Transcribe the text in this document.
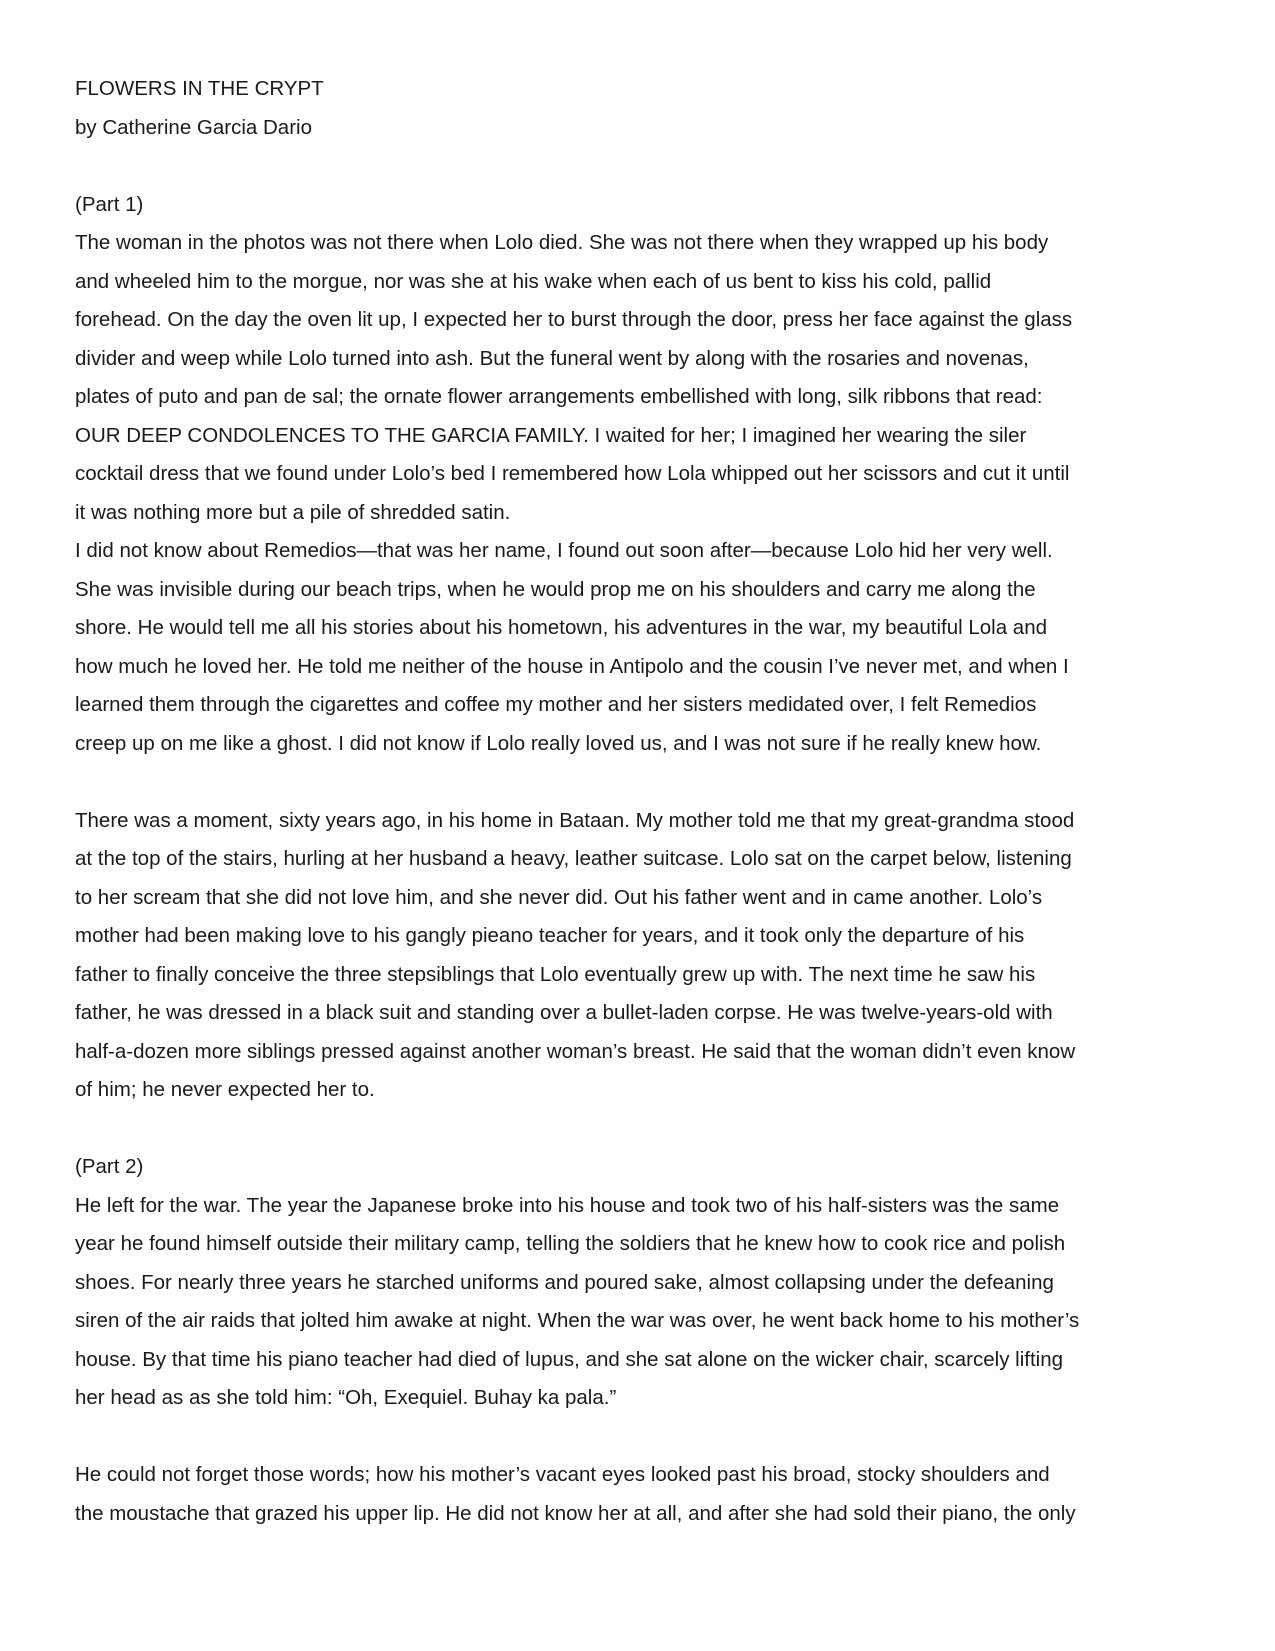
FLOWERS IN THE CRYPT
by Catherine Garcia Dario
(Part 1)
The woman in the photos was not there when Lolo died. She was not there when they wrapped up his body
and wheeled him to the morgue, nor was she at his wake when each of us bent to kiss his cold, pallid
forehead. On the day the oven lit up, I expected her to burst through the door, press her face against the glass
divider and weep while Lolo turned into ash. But the funeral went by along with the rosaries and novenas,
plates of puto and pan de sal; the ornate flower arrangements embellished with long, silk ribbons that read:
OUR DEEP CONDOLENCES TO THE GARCIA FAMILY. I waited for her; I imagined her wearing the siler
cocktail dress that we found under Lolo’s bed I remembered how Lola whipped out her scissors and cut it until
it was nothing more but a pile of shredded satin.
I did not know about Remedios—that was her name, I found out soon after—because Lolo hid her very well.
She was invisible during our beach trips, when he would prop me on his shoulders and carry me along the
shore. He would tell me all his stories about his hometown, his adventures in the war, my beautiful Lola and
how much he loved her. He told me neither of the house in Antipolo and the cousin I’ve never met, and when I
learned them through the cigarettes and coffee my mother and her sisters medidated over, I felt Remedios
creep up on me like a ghost. I did not know if Lolo really loved us, and I was not sure if he really knew how.
There was a moment, sixty years ago, in his home in Bataan. My mother told me that my great-grandma stood
at the top of the stairs, hurling at her husband a heavy, leather suitcase. Lolo sat on the carpet below, listening
to her scream that she did not love him, and she never did. Out his father went and in came another. Lolo’s
mother had been making love to his gangly pieano teacher for years, and it took only the departure of his
father to finally conceive the three stepsiblings that Lolo eventually grew up with. The next time he saw his
father, he was dressed in a black suit and standing over a bullet-laden corpse. He was twelve-years-old with
half-a-dozen more siblings pressed against another woman’s breast. He said that the woman didn’t even know
of him; he never expected her to.
(Part 2)
He left for the war. The year the Japanese broke into his house and took two of his half-sisters was the same
year he found himself outside their military camp, telling the soldiers that he knew how to cook rice and polish
shoes. For nearly three years he starched uniforms and poured sake, almost collapsing under the defeaning
siren of the air raids that jolted him awake at night. When the war was over, he went back home to his mother’s
house. By that time his piano teacher had died of lupus, and she sat alone on the wicker chair, scarcely lifting
her head as as she told him: “Oh, Exequiel. Buhay ka pala.”
He could not forget those words; how his mother’s vacant eyes looked past his broad, stocky shoulders and
the moustache that grazed his upper lip. He did not know her at all, and after she had sold their piano, the only
